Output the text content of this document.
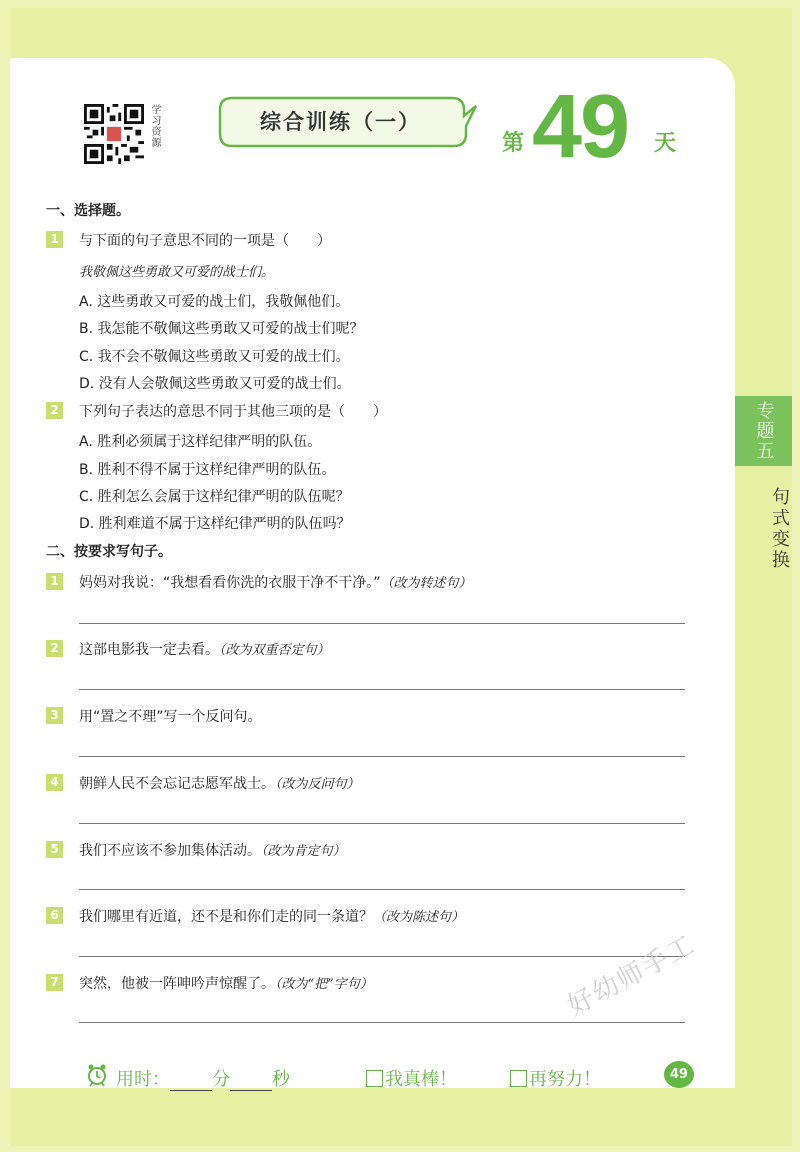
专题五
句式变换
学习资源	综合训练（一）
第 49 天
一、选择题。
1	与下面的句子意思不同的一项是（　　）
我敬佩这些勇敢又可爱的战士们。
A. 这些勇敢又可爱的战士们，我敬佩他们。
B. 我怎能不敬佩这些勇敢又可爱的战士们呢？
C. 我不会不敬佩这些勇敢又可爱的战士们。
D. 没有人会敬佩这些勇敢又可爱的战士们。
2	下列句子表达的意思不同于其他三项的是（　　）
A. 胜利必须属于这样纪律严明的队伍。
B. 胜利不得不属于这样纪律严明的队伍。
C. 胜利怎么会属于这样纪律严明的队伍呢？
D. 胜利难道不属于这样纪律严明的队伍吗？
二、按要求写句子。
1	妈妈对我说：“我想看看你洗的衣服干净不干净。”（改为转述句）
2	这部电影我一定去看。（改为双重否定句）
3	用“置之不理”写一个反问句。
4	朝鲜人民不会忘记志愿军战士。（改为反问句）
5	我们不应该不参加集体活动。（改为肯定句）
6	我们哪里有近道，还不是和你们走的同一条道？（改为陈述句）
7	突然，他被一阵呻吟声惊醒了。（改为“把”字句）	好幼师手工
用时： 分 秒	我真棒！	再努力！	49
